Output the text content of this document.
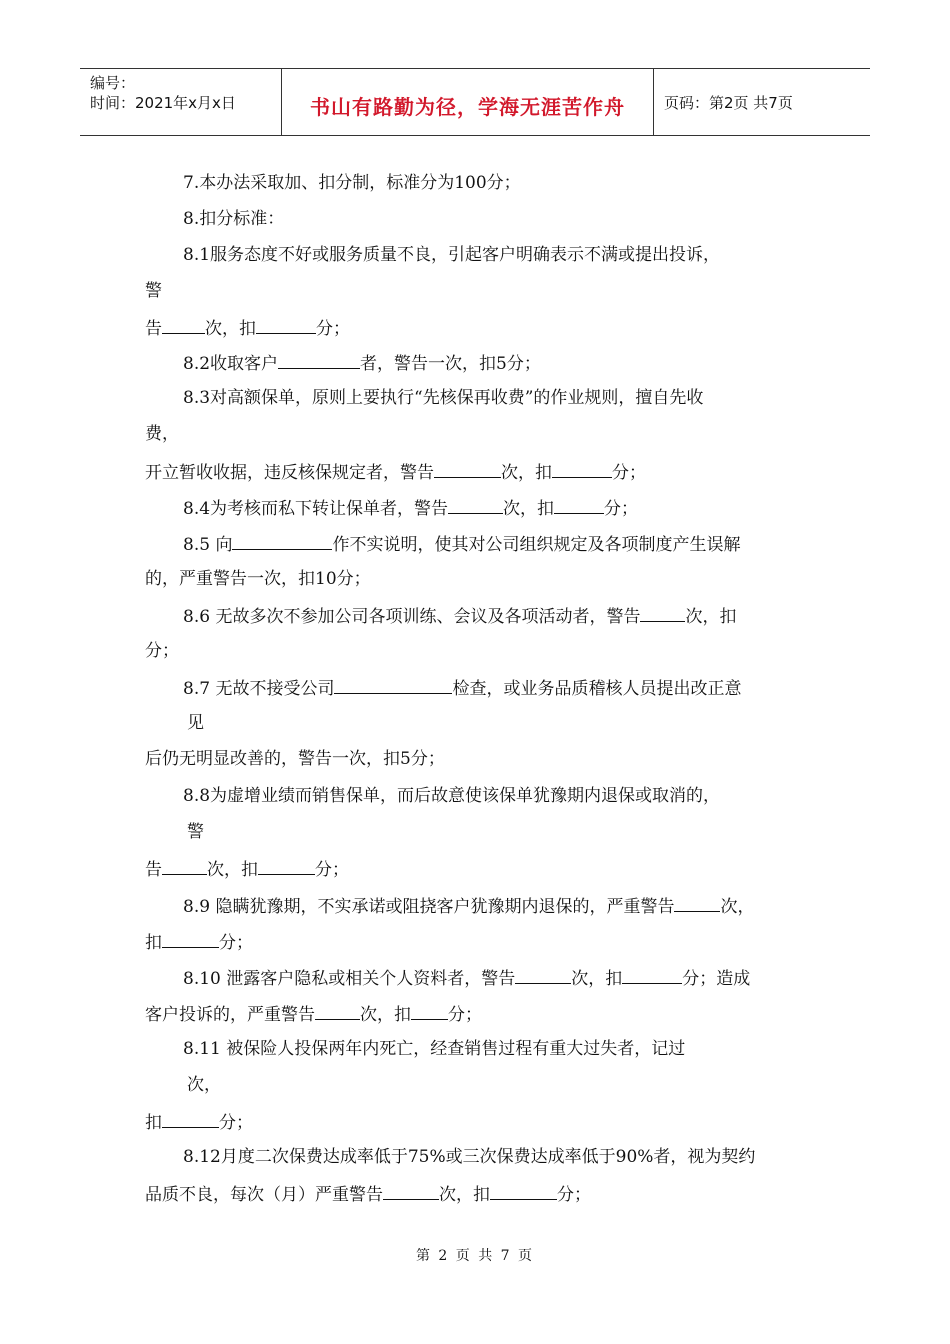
编号：
时间：2021年x月x日	书山有路勤为径，学海无涯苦作舟	页码：第2页 共7页
7.本办法采取加、扣分制，标准分为100分；
8.扣分标准：
8.1服务态度不好或服务质量不良，引起客户明确表示不满或提出投诉，
警
告	次，扣	分；
8.2收取客户	者，警告一次，扣5分；
8.3对高额保单，原则上要执行“先核保再收费”的作业规则，擅自先收
费，
开立暂收收据，违反核保规定者，警告	次，扣	分；
8.4为考核而私下转让保单者，警告	次，扣	分；
8.5 向	作不实说明，使其对公司组织规定及各项制度产生误解
的，严重警告一次，扣10分；
8.6 无故多次不参加公司各项训练、会议及各项活动者，警告	次，扣
分；
8.7 无故不接受公司	检查，或业务品质稽核人员提出改正意
见
后仍无明显改善的，警告一次，扣5分；
8.8为虚增业绩而销售保单，而后故意使该保单犹豫期内退保或取消的，
警
告	次，扣	分；
8.9 隐瞒犹豫期，不实承诺或阻挠客户犹豫期内退保的，严重警告	次，
扣	分；
8.10 泄露客户隐私或相关个人资料者，警告	次，扣	分；造成
客户投诉的，严重警告	次，扣 分；
8.11 被保险人投保两年内死亡，经查销售过程有重大过失者，记过
次，
扣	分；
8.12月度二次保费达成率低于75%或三次保费达成率低于90%者，视为契约
品质不良，每次（月）严重警告	次，扣	分；
第 2 页 共 7 页
